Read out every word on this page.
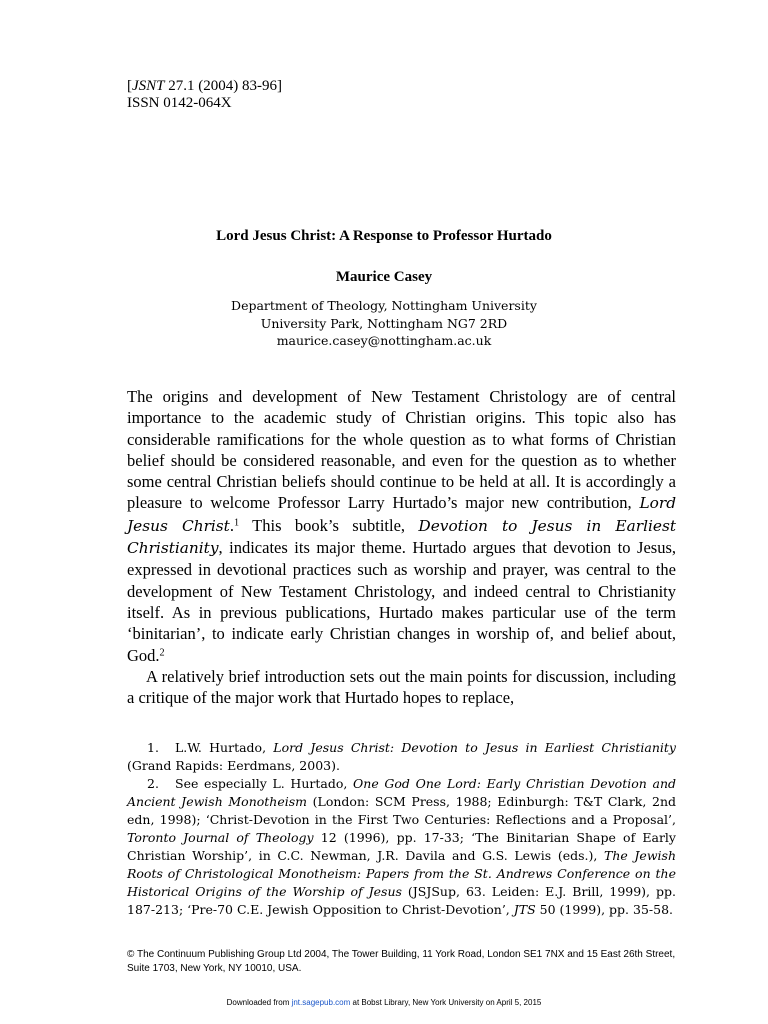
[JSNT 27.1 (2004) 83-96]
ISSN 0142-064X
Lord Jesus Christ: A Response to Professor Hurtado
Maurice Casey
Department of Theology, Nottingham University
University Park, Nottingham NG7 2RD
maurice.casey@nottingham.ac.uk

The origins and development of New Testament Christology are of central importance to the academic study of Christian origins. This topic also has considerable ramifications for the whole question as to what forms of Christian belief should be considered reasonable, and even for the question as to whether some central Christian beliefs should continue to be held at all. It is accordingly a pleasure to welcome Professor Larry Hurtado’s major new contribution, Lord Jesus Christ.$^1$ This book’s subtitle, Devotion to Jesus in Earliest Christianity, indicates its major theme. Hurtado argues that devotion to Jesus, expressed in devotional practices such as worship and prayer, was central to the development of New Testament Christology, and indeed central to Christianity itself. As in previous publications, Hurtado makes particular use of the term ‘binitarian’, to indicate early Christian changes in worship of, and belief about, God.$^2$

A relatively brief introduction sets out the main points for discussion, including a critique of the major work that Hurtado hopes to replace,

1. L.W. Hurtado, Lord Jesus Christ: Devotion to Jesus in Earliest Christianity (Grand Rapids: Eerdmans, 2003).

2. See especially L. Hurtado, One God One Lord: Early Christian Devotion and Ancient Jewish Monotheism (London: SCM Press, 1988; Edinburgh: T&T Clark, 2nd edn, 1998); ‘Christ-Devotion in the First Two Centuries: Reflections and a Proposal’, Toronto Journal of Theology 12 (1996), pp. 17-33; ‘The Binitarian Shape of Early Christian Worship’, in C.C. Newman, J.R. Davila and G.S. Lewis (eds.), The Jewish Roots of Christological Monotheism: Papers from the St. Andrews Conference on the Historical Origins of the Worship of Jesus (JSJSup, 63. Leiden: E.J. Brill, 1999), pp. 187-213; ‘Pre-70 C.E. Jewish Opposition to Christ-Devotion’, JTS 50 (1999), pp. 35-58.

© The Continuum Publishing Group Ltd 2004, The Tower Building, 11 York Road, London SE1 7NX and 15 East 26th Street, Suite 1703, New York, NY 10010, USA.
Downloaded from jnt.sagepub.com at Bobst Library, New York University on April 5, 2015
